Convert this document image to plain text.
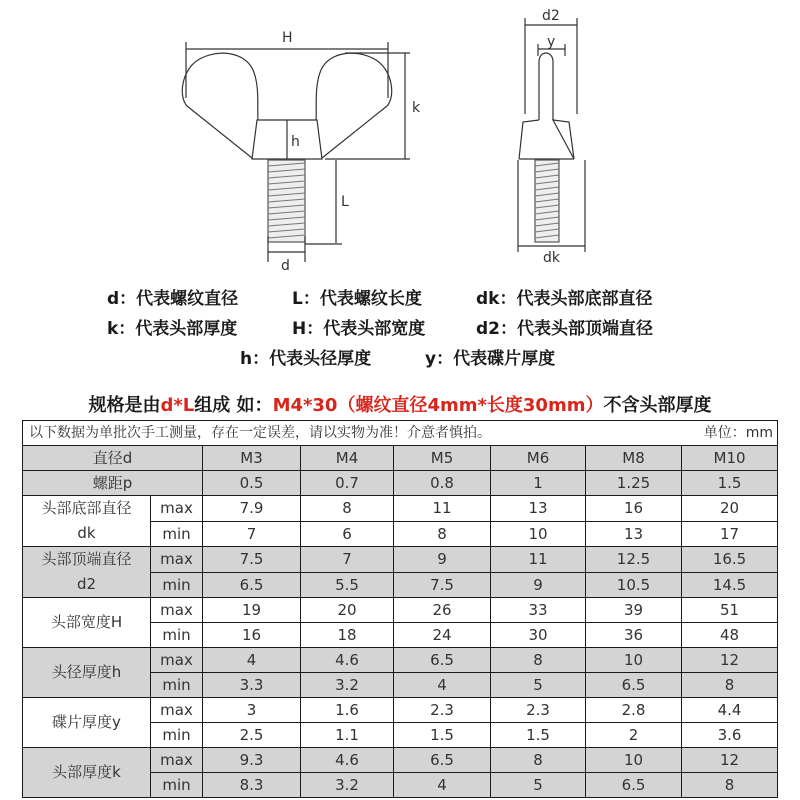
H
k
h
L
d
d2
y
dk
d：代表螺纹直径	L：代表螺纹长度	dk：代表头部底部直径
k：代表头部厚度	H：代表头部宽度	d2：代表头部顶端直径
h：代表头径厚度	y：代表碟片厚度
规格是由d*L组成 如：M4*30（螺纹直径4mm*长度30mm）不含头部厚度
以下数据为单批次手工测量，存在一定误差，请以实物为准！介意者慎拍。 单位：mm							

直径d		M3	M4	M5	M6	M8	M10
螺距p		0.5	0.7	0.8	1	1.25	1.5

头部底部直径
dk	max	7.9	8	11	13	16	20
	min	7	6	8	10	13	17

头部顶端直径
d2	max	7.5	7	9	11	12.5	16.5
	min	6.5	5.5	7.5	9	10.5	14.5

头部宽度H	max	19	20	26	33	39	51
	min	16	18	24	30	36	48

头径厚度h	max	4	4.6	6.5	8	10	12
	min	3.3	3.2	4	5	6.5	8

碟片厚度y	max	3	1.6	2.3	2.3	2.8	4.4
	min	2.5	1.1	1.5	1.5	2	3.6

头部厚度k	max	9.3	4.6	6.5	8	10	12
	min	8.3	3.2	4	5	6.5	8
